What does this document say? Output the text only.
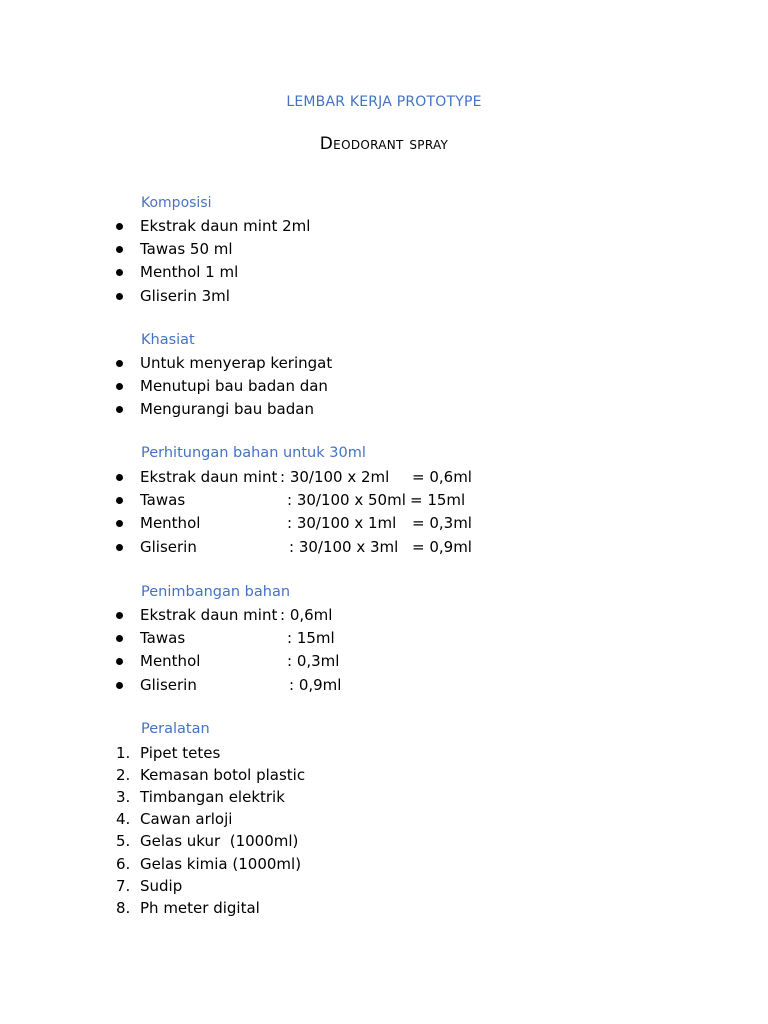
LEMBAR KERJA PROTOTYPE
Deodorant spray
Komposisi
Ekstrak daun mint 2ml
Tawas 50 ml
Menthol 1 ml
Gliserin 3ml
Khasiat
Untuk menyerap keringat
Menutupi bau badan dan
Mengurangi bau badan
Perhitungan bahan untuk 30ml
Ekstrak daun mint : 30/100 x 2ml = 0,6ml
Tawas	: 30/100 x 50ml = 15ml
Menthol	: 30/100 x 1ml = 0,3ml
Gliserin	: 30/100 x 3ml = 0,9ml
Penimbangan bahan
Ekstrak daun mint : 0,6ml
Tawas	: 15ml
Menthol	: 0,3ml
Gliserin	: 0,9ml
Peralatan
1. Pipet tetes
2. Kemasan botol plastic
3. Timbangan elektrik
4. Cawan arloji
5. Gelas ukur  (1000ml)
6. Gelas kimia (1000ml)
7. Sudip
8. Ph meter digital
